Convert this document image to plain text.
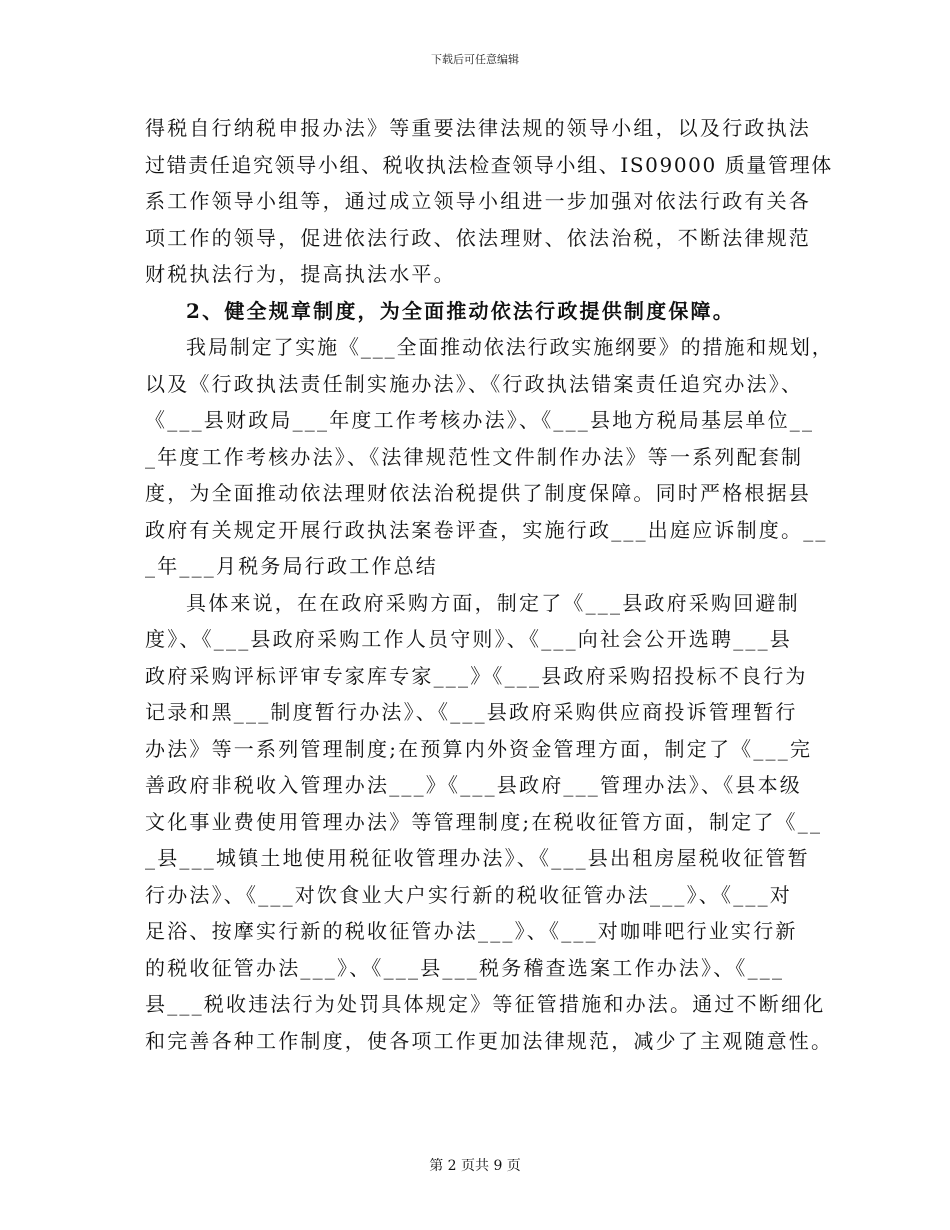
下载后可任意编辑
得税自行纳税申报办法》等重要法律法规的领导小组，以及行政执法
过错责任追究领导小组、税收执法检查领导小组、IS09000 质量管理体
系工作领导小组等，通过成立领导小组进一步加强对依法行政有关各
项工作的领导，促进依法行政、依法理财、依法治税，不断法律规范
财税执法行为，提高执法水平。
2、健全规章制度，为全面推动依法行政提供制度保障。
我局制定了实施《___全面推动依法行政实施纲要》的措施和规划，
以及《行政执法责任制实施办法》、《行政执法错案责任追究办法》、
《___县财政局___年度工作考核办法》、《___县地方税局基层单位__
_年度工作考核办法》、《法律规范性文件制作办法》等一系列配套制
度，为全面推动依法理财依法治税提供了制度保障。同时严格根据县
政府有关规定开展行政执法案卷评查，实施行政___出庭应诉制度。__
_年___月税务局行政工作总结
具体来说，在在政府采购方面，制定了《___县政府采购回避制
度》、《___县政府采购工作人员守则》、《___向社会公开选聘___县
政府采购评标评审专家库专家___》《___县政府采购招投标不良行为
记录和黑___制度暂行办法》、《___县政府采购供应商投诉管理暂行
办法》等一系列管理制度;在预算内外资金管理方面，制定了《___完
善政府非税收入管理办法___》《___县政府___管理办法》、《县本级
文化事业费使用管理办法》等管理制度;在税收征管方面，制定了《__
_县___城镇土地使用税征收管理办法》、《___县出租房屋税收征管暂
行办法》、《___对饮食业大户实行新的税收征管办法___》、《___对
足浴、按摩实行新的税收征管办法___》、《___对咖啡吧行业实行新
的税收征管办法___》、《___县___税务稽查选案工作办法》、《___
县___税收违法行为处罚具体规定》等征管措施和办法。通过不断细化
和完善各种工作制度，使各项工作更加法律规范，减少了主观随意性。
第 2 页共 9 页
